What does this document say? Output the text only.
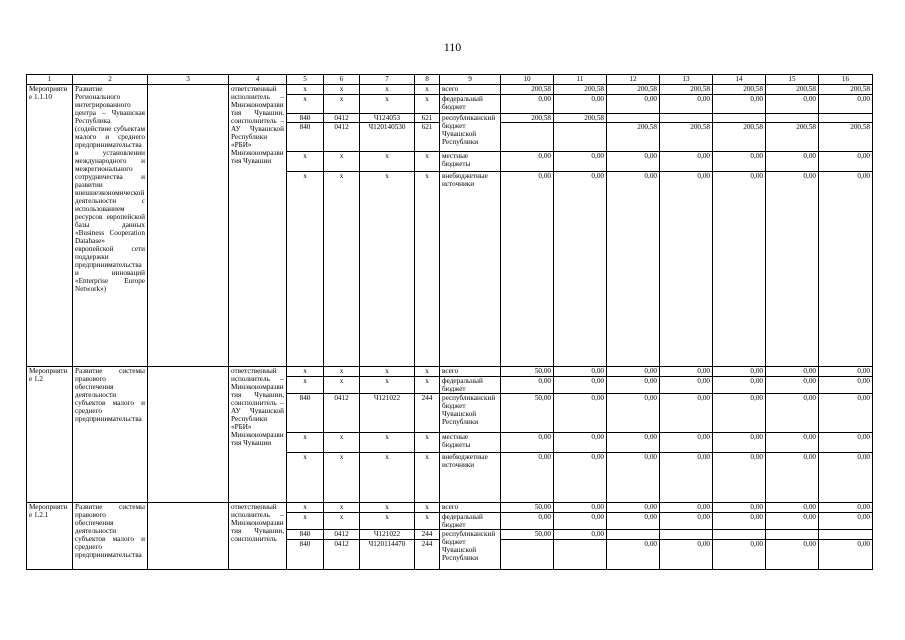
110
1	2	3	4	5	6	7	8	9	10	11	12	13	14	15	16
Мероприятие 1.1.10	Развитие Регионального интегрированного центра – Чувашская Республика (содействие субъектам малого и среднего предпринимательства в установлении международного и межрегионального сотрудничества и развитии внешнеэкономической деятельности с использованием ресурсов европейской базы данных «Business Cooperation Database» европейской сети поддержки предпринимательства и инноваций «Enterprise Europe Network»)		ответственный исполнитель – Минэкономразвития Чувашии, соисполнитель – АУ Чувашской Республики «РБИ» Минэкономразвития Чувашии	x	x	x	x	всего	200,58	200,58	200,58	200,58	200,58	200,58	200,58
				x	x	x	x	федеральный бюджет	0,00	0,00	0,00	0,00	0,00	0,00	0,00
				840	0412	Ч124053	621	республиканский бюджет Чувашской Республики	200,58	200,58					
				840	0412	Ч120140530	621				200,58	200,58	200,58	200,58	200,58
				x	x	x	x	местные бюджеты	0,00	0,00	0,00	0,00	0,00	0,00	0,00
				x	x	x	x	внебюджетные источники	0,00	0,00	0,00	0,00	0,00	0,00	0,00
Мероприятие 1.2	Развитие системы правового обеспечения деятельности субъектов малого и среднего предпринимательства		ответственный исполнитель – Минэкономразвития Чувашии, соисполнитель – АУ Чувашской Республики «РБИ» Минэкономразвития Чувашии	x	x	x	x	всего	50,00	0,00	0,00	0,00	0,00	0,00	0,00
				x	x	x	x	федеральный бюджет	0,00	0,00	0,00	0,00	0,00	0,00	0,00
				840	0412	Ч121022	244	республиканский бюджет Чувашской Республики	50,00	0,00	0,00	0,00	0,00	0,00	0,00
				x	x	x	x	местные бюджеты	0,00	0,00	0,00	0,00	0,00	0,00	0,00
				x	x	x	x	внебюджетные источники	0,00	0,00	0,00	0,00	0,00	0,00	0,00
Мероприятие 1.2.1	Развитие системы правового обеспечения деятельности субъектов малого и среднего предпринимательства		ответственный исполнитель – Минэкономразвития Чувашии, соисполнитель	x	x	x	x	всего	50,00	0,00	0,00	0,00	0,00	0,00	0,00
				x	x	x	x	федеральный бюджет	0,00	0,00	0,00	0,00	0,00	0,00	0,00
				840	0412	Ч121022	244	республиканский бюджет Чувашской Республики	50,00	0,00					
				840	0412	Ч120114470	244				0,00	0,00	0,00	0,00	0,00
